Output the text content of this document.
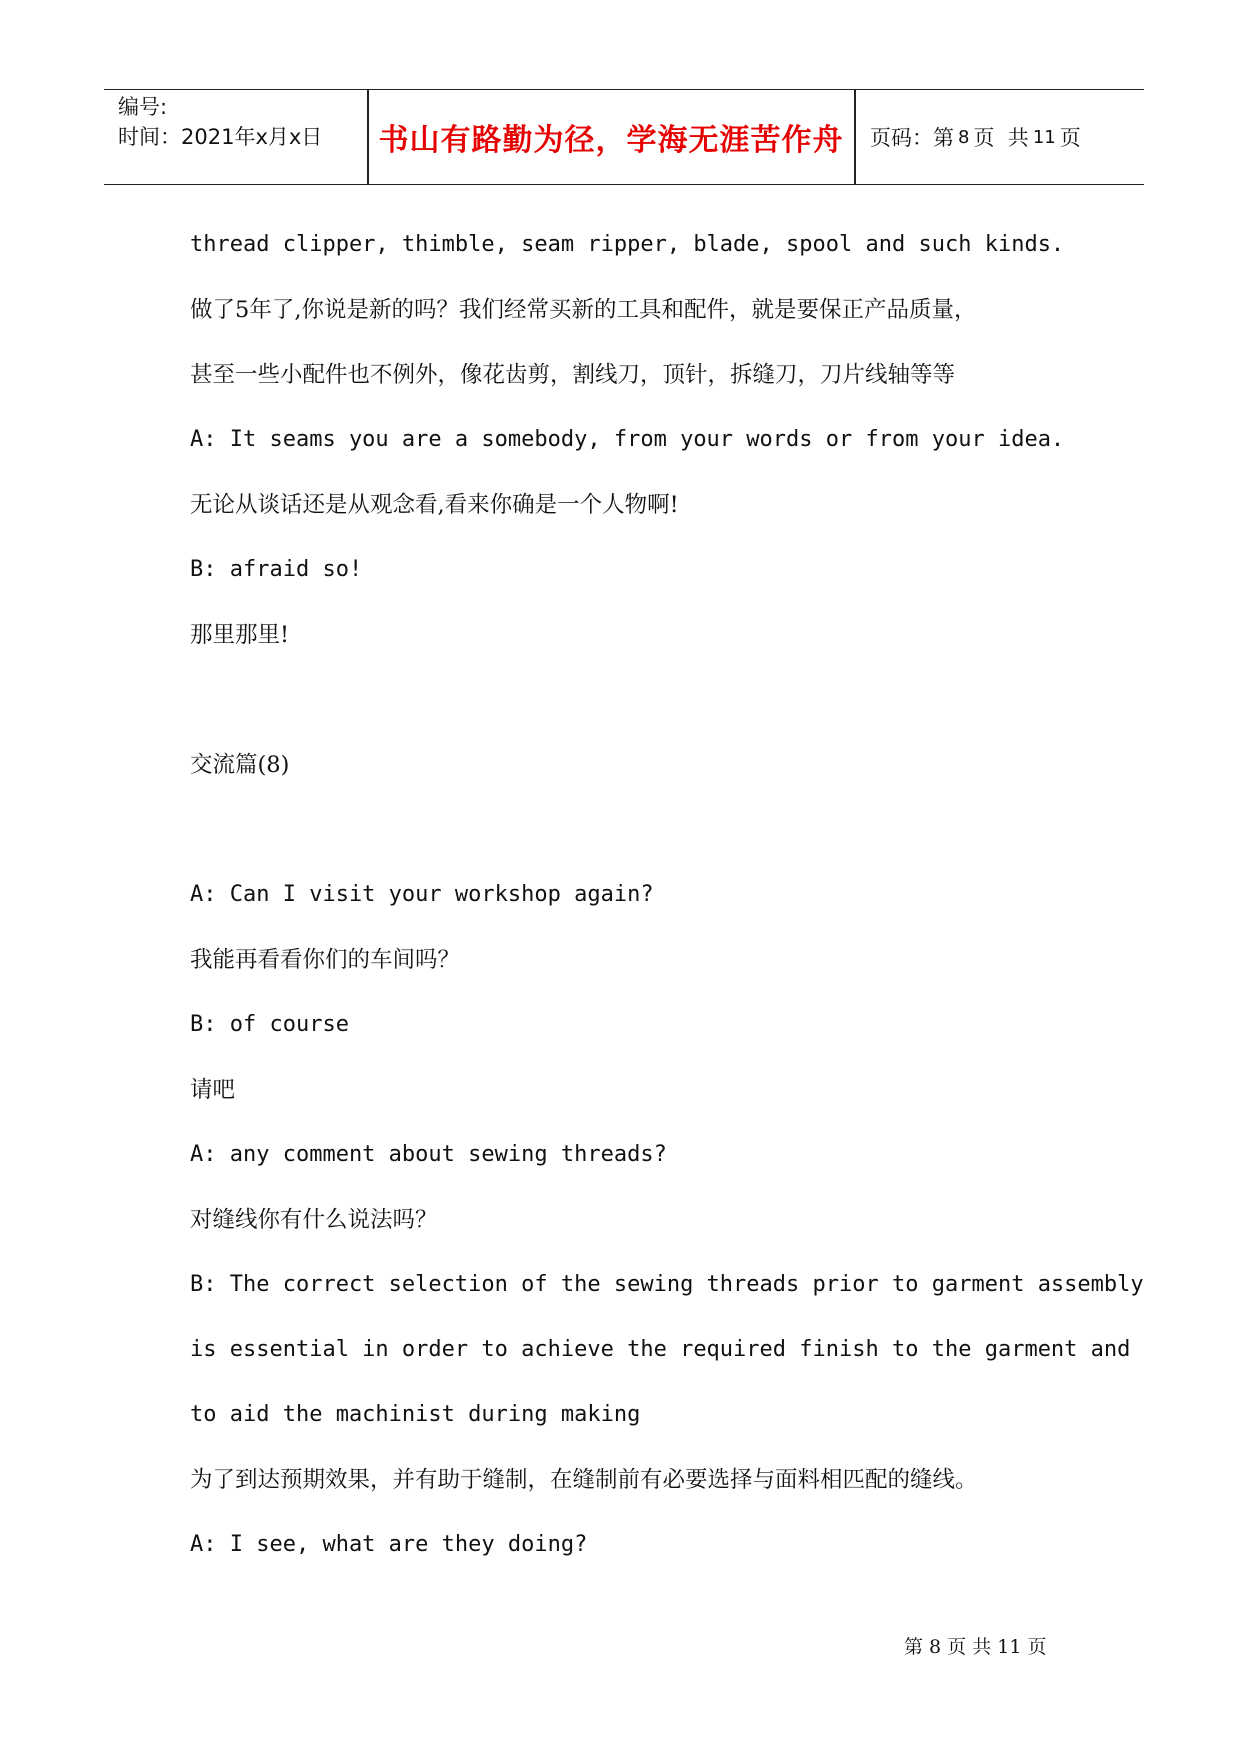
编号:
时间：2021年x月x日	书山有路勤为径，学海无涯苦作舟	页码：第 8 页  共 11 页
thread clipper, thimble, seam ripper, blade, spool and such kinds.
做了5年了,你说是新的吗？我们经常买新的工具和配件，就是要保正产品质量，
甚至一些小配件也不例外，像花齿剪，割线刀，顶针，拆缝刀，刀片线轴等等
A: It seams you are a somebody, from your words or from your idea.
无论从谈话还是从观念看,看来你确是一个人物啊!
B: afraid so!
那里那里!
交流篇(8)
A: Can I visit your workshop again?
我能再看看你们的车间吗？
B: of course
请吧
A: any comment about sewing threads?
对缝线你有什么说法吗？
B: The correct selection of the sewing threads prior to garment assembly
is essential in order to achieve the required finish to the garment and
to aid the machinist during making
为了到达预期效果，并有助于缝制，在缝制前有必要选择与面料相匹配的缝线。
A: I see, what are they doing?
第 8 页 共 11 页
